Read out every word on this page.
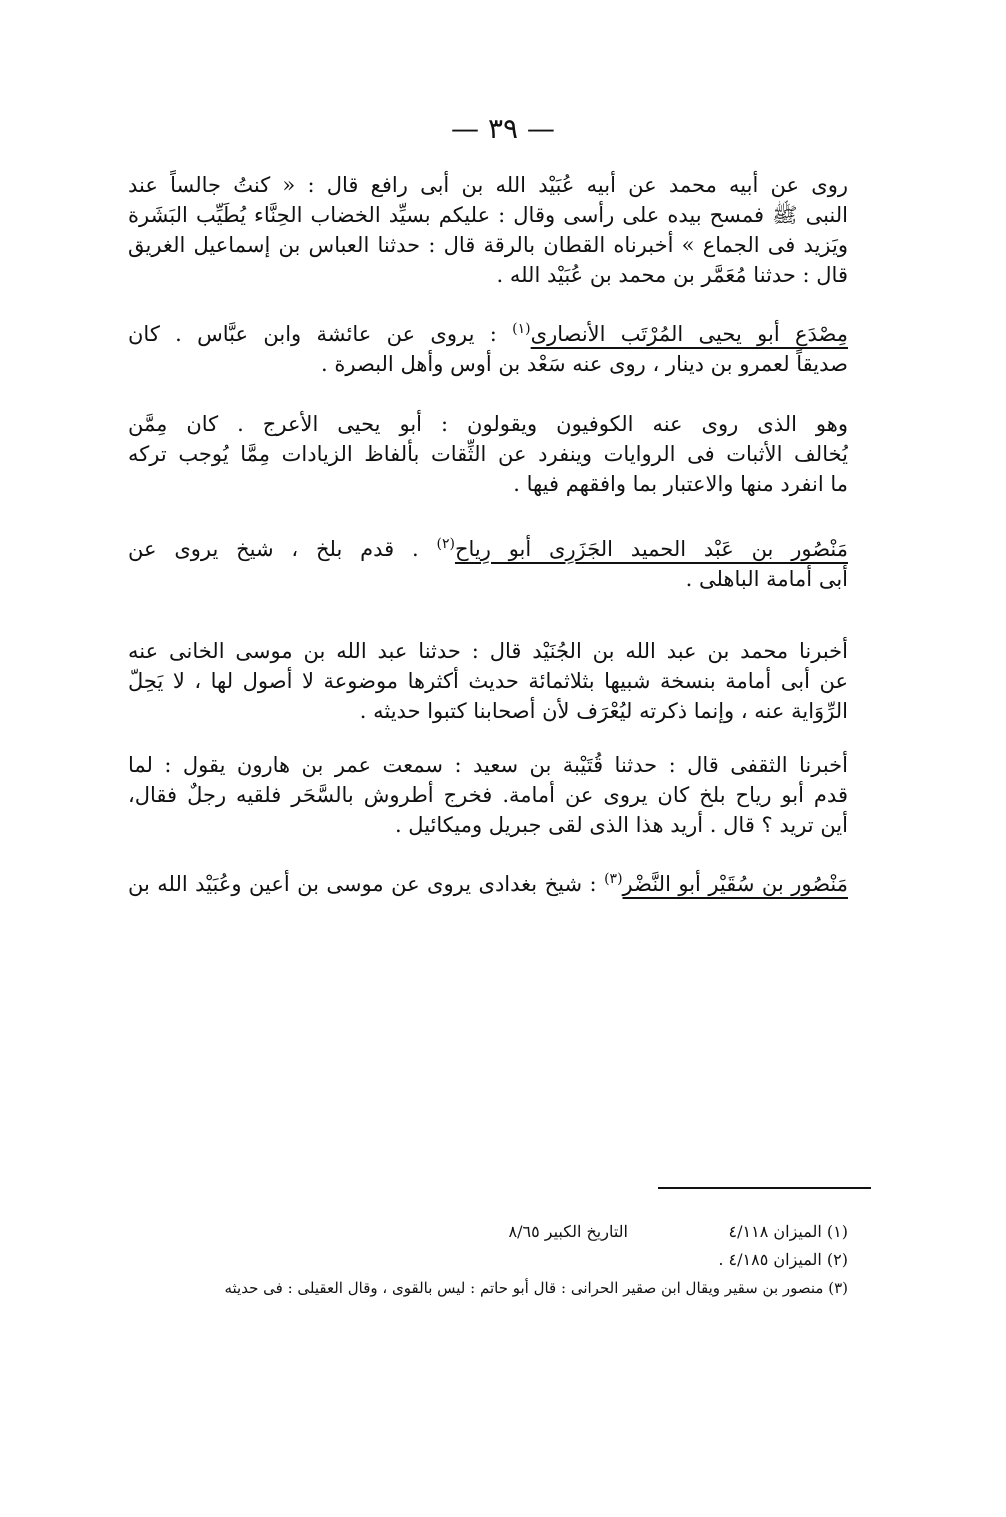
— ٣٩ —
روى عن أبيه محمد عن أبيه عُبَيْد الله بن أبى رافع قال : « كنتُ جالساً عند
النبى ﷺ فمسح بيده على رأسى وقال : عليكم بسيِّد الخضاب الحِنَّاء يُطَيِّب البَشَرة
ويَزيد فى الجماع » أخبرناه القطان بالرقة قال : حدثنا العباس بن إسماعيل الغريق
قال : حدثنا مُعَمَّر بن محمد بن عُبَيْد الله .
مِصْدَع أبو يحيى المُرْتَب الأنصارى$^{(١)}$ : يروى عن عائشة وابن عبَّاس . كان
صديقاً لعمرو بن دينار ، روى عنه سَعْد بن أوس وأهل البصرة .
وهو الذى روى عنه الكوفيون ويقولون : أبو يحيى الأعرج . كان مِمَّن
يُخالف الأثبات فى الروايات وينفرد عن الثِّقات بألفاظ الزيادات مِمَّا يُوجب تركه
ما انفرد منها والاعتبار بما وافقهم فيها .
مَنْصُور بن عَبْد الحميد الجَزَرِى أبو رِياح$^{(٢)}$ . قدم بلخ ، شيخ يروى عن
أبى أمامة الباهلى .
أخبرنا محمد بن عبد الله بن الجُنَيْد قال : حدثنا عبد الله بن موسى الخانى عنه
عن أبى أمامة بنسخة شبيها بثلاثمائة حديث أكثرها موضوعة لا أصول لها ، لا يَحِلّ
الرِّوَاية عنه ، وإنما ذكرته ليُعْرَف لأن أصحابنا كتبوا حديثه .
أخبرنا الثقفى قال : حدثنا قُتَيْبة بن سعيد : سمعت عمر بن هارون يقول : لما
قدم أبو رياح بلخ كان يروى عن أمامة. فخرج أطروش بالسَّحَر فلقيه رجلٌ فقال،
أين تريد ؟ قال . أريد هذا الذى لقى جبريل وميكائيل .
مَنْصُور بن سُقَيْر أبو النَّضْر$^{(٣)}$ : شيخ بغدادى يروى عن موسى بن أعين وعُبَيْد الله بن
(١) الميزان ٤/١١٨
التاريخ الكبير ٨/٦٥
(٢) الميزان ٤/١٨٥ .
(٣) منصور بن سقير ويقال ابن صقير الحرانى : قال أبو حاتم : ليس بالقوى ، وقال العقيلى : فى حديثه
